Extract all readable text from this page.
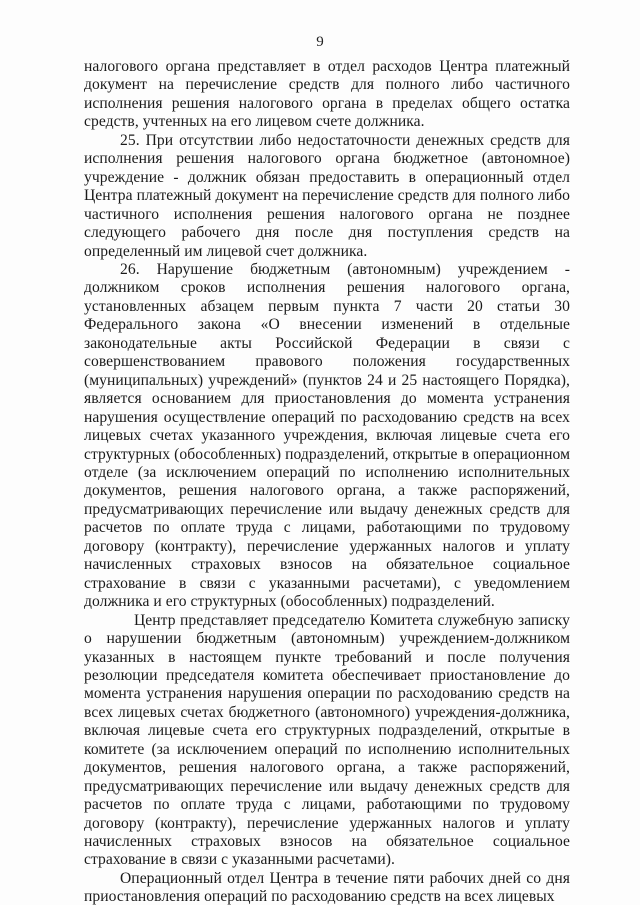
9

налогового органа представляет в отдел расходов Центра платежный документ на перечисление средств для полного либо частичного исполнения решения налогового органа в пределах общего остатка средств, учтенных на его лицевом счете должника.

25. При отсутствии либо недостаточности денежных средств для исполнения решения налогового органа бюджетное (автономное) учреждение - должник обязан предоставить в операционный отдел Центра платежный документ на перечисление средств для полного либо частичного исполнения решения налогового органа не позднее следующего рабочего дня после дня поступления средств на определенный им лицевой счет должника.

26. Нарушение бюджетным (автономным) учреждением - должником сроков исполнения решения налогового органа, установленных абзацем первым пункта 7 части 20 статьи 30 Федерального закона «О внесении изменений в отдельные законодательные акты Российской Федерации в связи с совершенствованием правового положения государственных (муниципальных) учреждений» (пунктов 24 и 25 настоящего Порядка), является основанием для приостановления до момента устранения нарушения осуществление операций по расходованию средств на всех лицевых счетах указанного учреждения, включая лицевые счета его структурных (обособленных) подразделений, открытые в операционном отделе (за исключением операций по исполнению исполнительных документов, решения налогового органа, а также распоряжений, предусматривающих перечисление или выдачу денежных средств для расчетов по оплате труда с лицами, работающими по трудовому договору (контракту), перечисление удержанных налогов и уплату начисленных страховых взносов на обязательное социальное страхование в связи с указанными расчетами), с уведомлением должника и его структурных (обособленных) подразделений.

Центр представляет председателю Комитета служебную записку о нарушении бюджетным (автономным) учреждением-должником указанных в настоящем пункте требований и после получения резолюции председателя комитета обеспечивает приостановление до момента устранения нарушения операции по расходованию средств на всех лицевых счетах бюджетного (автономного) учреждения-должника, включая лицевые счета его структурных подразделений, открытые в комитете (за исключением операций по исполнению исполнительных документов, решения налогового органа, а также распоряжений, предусматривающих перечисление или выдачу денежных средств для расчетов по оплате труда с лицами, работающими по трудовому договору (контракту), перечисление удержанных налогов и уплату начисленных страховых взносов на обязательное социальное страхование в связи с указанными расчетами).

Операционный отдел Центра в течение пяти рабочих дней со дня приостановления операций по расходованию средств на всех лицевых
